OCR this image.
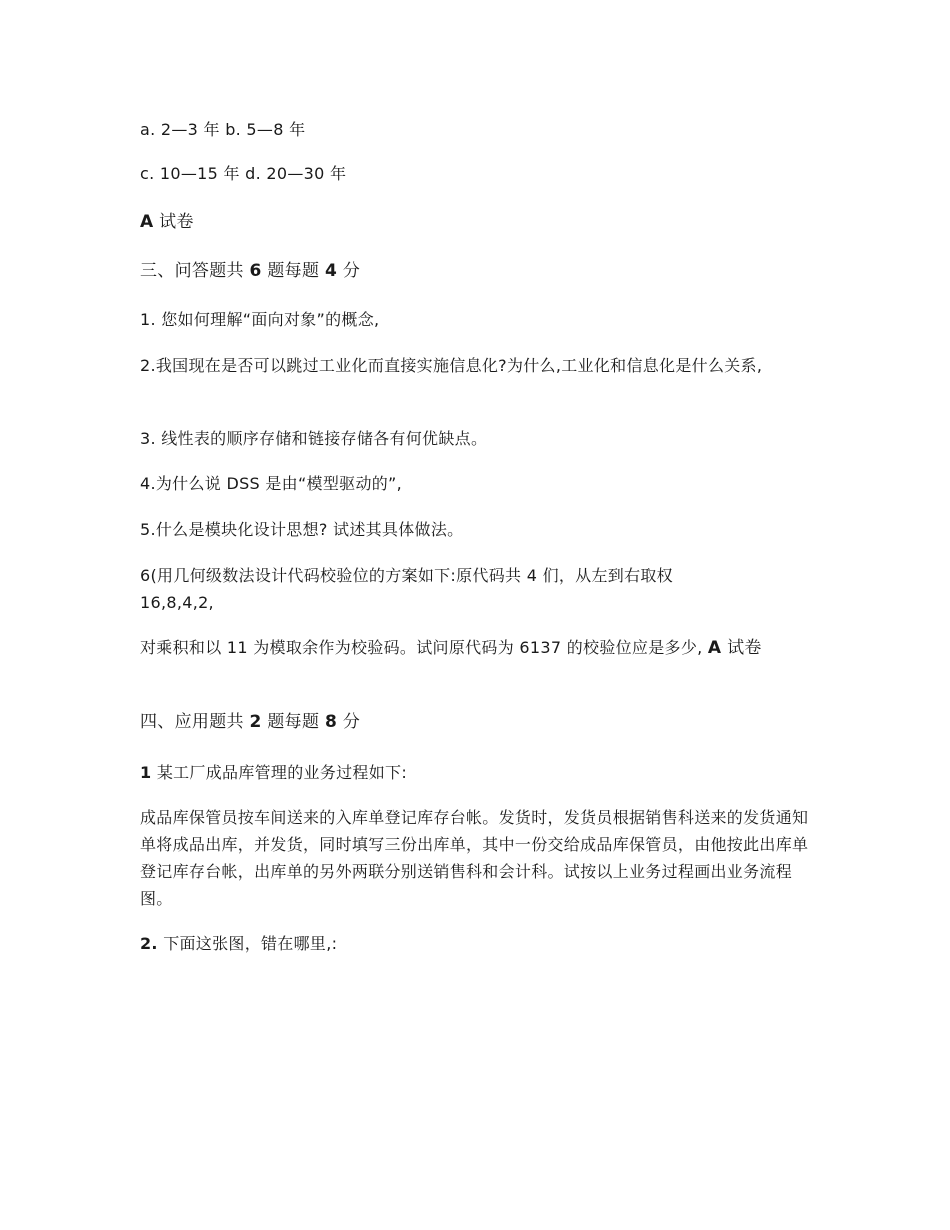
a. 2—3 年 b. 5—8 年

c. 10—15 年 d. 20—30 年

A 试卷

三、问答题共 6 题每题 4 分

1. 您如何理解“面向对象”的概念,

2.我国现在是否可以跳过工业化而直接实施信息化?为什么,工业化和信息化是什么关系,

3. 线性表的顺序存储和链接存储各有何优缺点。

4.为什么说 DSS 是由“模型驱动的”,

5.什么是模块化设计思想? 试述其具体做法。

6(用几何级数法设计代码校验位的方案如下:原代码共 4 们，从左到右取权

16,8,4,2,

对乘积和以 11 为模取余作为校验码。试问原代码为 6137 的校验位应是多少, A 试卷

四、应用题共 2 题每题 8 分

1 某工厂成品库管理的业务过程如下:

成品库保管员按车间送来的入库单登记库存台帐。发货时，发货员根据销售科送来的发货通知单将成品出库，并发货，同时填写三份出库单，其中一份交给成品库保管员，由他按此出库单登记库存台帐，出库单的另外两联分别送销售科和会计科。试按以上业务过程画出业务流程图。

2. 下面这张图，错在哪里,:
